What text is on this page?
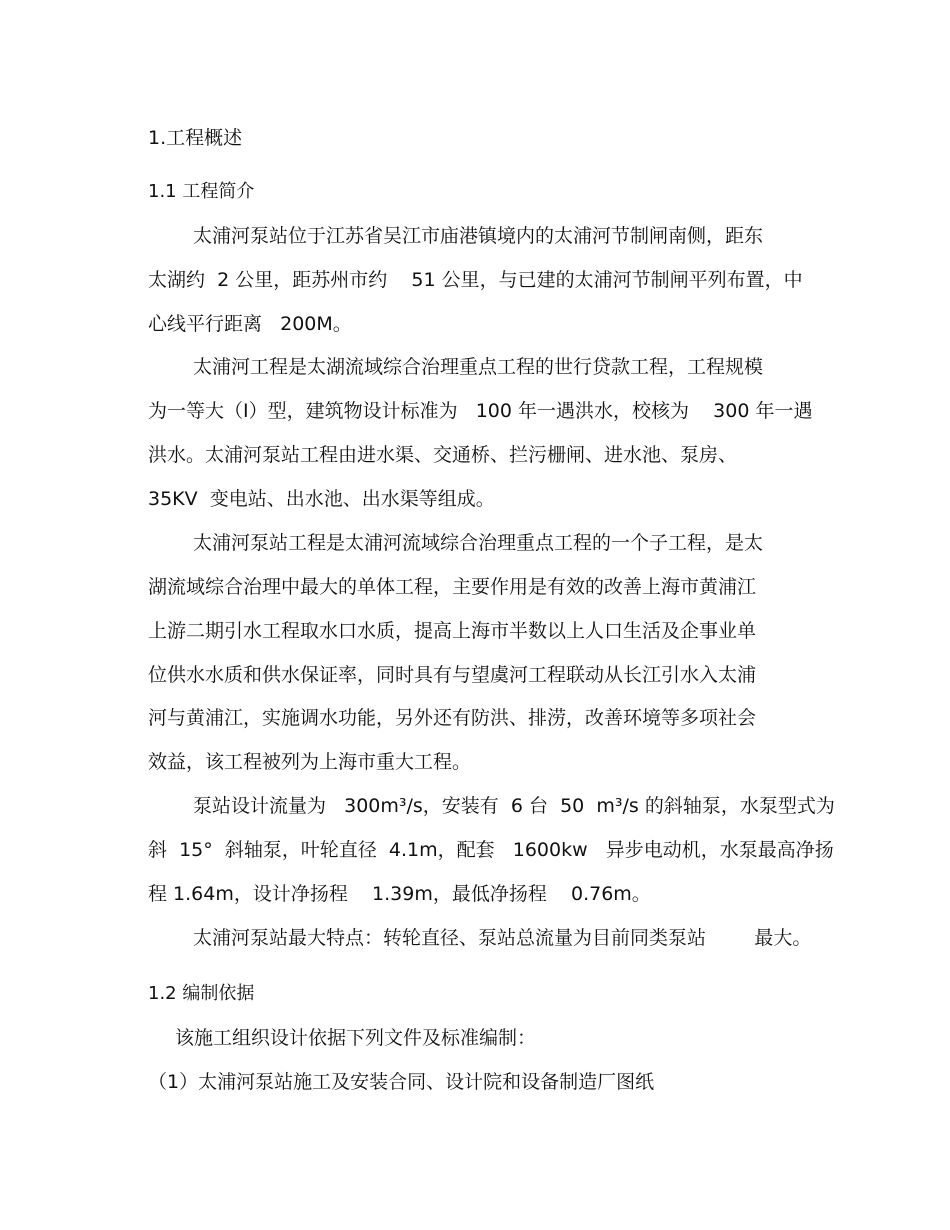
1.工程概述
1.1 工程简介

太浦河泵站位于江苏省吴江市庙港镇境内的太浦河节制闸南侧，距东

太湖约  2 公里，距苏州市约    51 公里，与已建的太浦河节制闸平列布置，中

心线平行距离   200M。

太浦河工程是太湖流域综合治理重点工程的世行贷款工程，工程规模

为一等大（Ⅰ）型，建筑物设计标准为   100 年一遇洪水，校核为    300 年一遇

洪水。太浦河泵站工程由进水渠、交通桥、拦污栅闸、进水池、泵房、

35KV  变电站、出水池、出水渠等组成。

太浦河泵站工程是太浦河流域综合治理重点工程的一个子工程，是太

湖流域综合治理中最大的单体工程，主要作用是有效的改善上海市黄浦江

上游二期引水工程取水口水质，提高上海市半数以上人口生活及企事业单

位供水水质和供水保证率，同时具有与望虞河工程联动从长江引水入太浦

河与黄浦江，实施调水功能，另外还有防洪、排涝，改善环境等多项社会

效益，该工程被列为上海市重大工程。

泵站设计流量为   300m³/s，安装有  6 台  50  m³/s 的斜轴泵，水泵型式为

斜  15°  斜轴泵，叶轮直径  4.1m，配套   1600kw   异步电动机，水泵最高净扬

程 1.64m，设计净扬程    1.39m，最低净扬程    0.76m。

太浦河泵站最大特点：转轮直径、泵站总流量为目前同类泵站        最大。

1.2 编制依据

该施工组织设计依据下列文件及标准编制：

（1）太浦河泵站施工及安装合同、设计院和设备制造厂图纸
